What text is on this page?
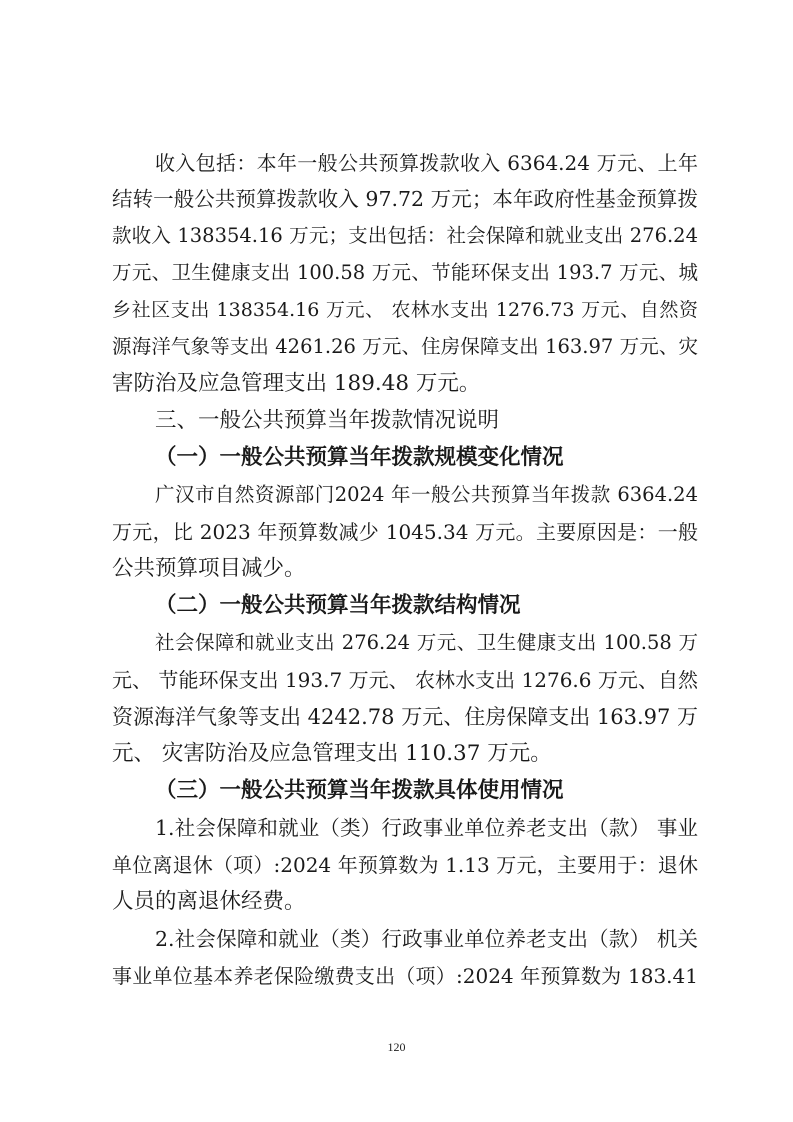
收入包括：本年一般公共预算拨款收入 6364.24 万元、上年
结转一般公共预算拨款收入 97.72 万元；本年政府性基金预算拨
款收入 138354.16 万元；支出包括：社会保障和就业支出 276.24
万元、卫生健康支出 100.58 万元、节能环保支出 193.7 万元、城
乡社区支出 138354.16 万元、 农林水支出 1276.73 万元、自然资
源海洋气象等支出 4261.26 万元、住房保障支出 163.97 万元、灾
害防治及应急管理支出 189.48 万元。
三、一般公共预算当年拨款情况说明
（一）一般公共预算当年拨款规模变化情况
广汉市自然资源部门2024 年一般公共预算当年拨款 6364.24
万元，比 2023 年预算数减少 1045.34 万元。主要原因是：一般
公共预算项目减少。
（二）一般公共预算当年拨款结构情况
社会保障和就业支出 276.24 万元、卫生健康支出 100.58 万
元、 节能环保支出 193.7 万元、 农林水支出 1276.6 万元、自然
资源海洋气象等支出 4242.78 万元、住房保障支出 163.97 万
元、 灾害防治及应急管理支出 110.37 万元。
（三）一般公共预算当年拨款具体使用情况
1.社会保障和就业（类）行政事业单位养老支出（款） 事业
单位离退休（项）:2024 年预算数为 1.13 万元，主要用于：退休
人员的离退休经费。
2.社会保障和就业（类）行政事业单位养老支出（款） 机关
事业单位基本养老保险缴费支出（项）:2024 年预算数为 183.41
120
